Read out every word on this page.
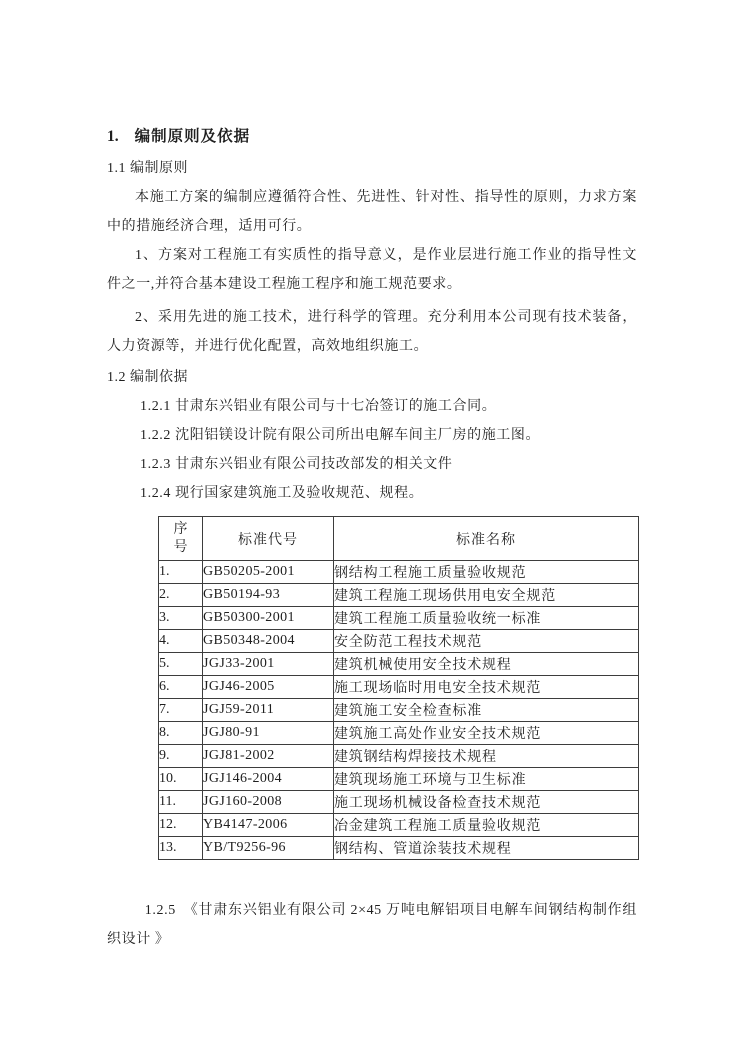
1. 编制原则及依据

1.1 编制原则

本施工方案的编制应遵循符合性、先进性、针对性、指导性的原则，力求方案中的措施经济合理，适用可行。

1、方案对工程施工有实质性的指导意义，是作业层进行施工作业的指导性文件之一,并符合基本建设工程施工程序和施工规范要求。

2、采用先进的施工技术，进行科学的管理。充分利用本公司现有技术装备，人力资源等，并进行优化配置，高效地组织施工。

1.2 编制依据

1.2.1 甘肃东兴铝业有限公司与十七冶签订的施工合同。

1.2.2 沈阳铝镁设计院有限公司所出电解车间主厂房的施工图。

1.2.3 甘肃东兴铝业有限公司技改部发的相关文件

1.2.4 现行国家建筑施工及验收规范、规程。

序号	标准代号	标准名称
1.	GB50205-2001	钢结构工程施工质量验收规范
2.	GB50194-93	建筑工程施工现场供用电安全规范
3.	GB50300-2001	建筑工程施工质量验收统一标准
4.	GB50348-2004	安全防范工程技术规范
5.	JGJ33-2001	建筑机械使用安全技术规程
6.	JGJ46-2005	施工现场临时用电安全技术规范
7.	JGJ59-2011	建筑施工安全检查标准
8.	JGJ80-91	建筑施工高处作业安全技术规范
9.	JGJ81-2002	建筑钢结构焊接技术规程
10.	JGJ146-2004	建筑现场施工环境与卫生标准
11.	JGJ160-2008	施工现场机械设备检查技术规范
12.	YB4147-2006	冶金建筑工程施工质量验收规范
13.	YB/T9256-96	钢结构、管道涂装技术规程

1.2.5　《甘肃东兴铝业有限公司 2×45 万吨电解铝项目电解车间钢结构制作组织设计 》
